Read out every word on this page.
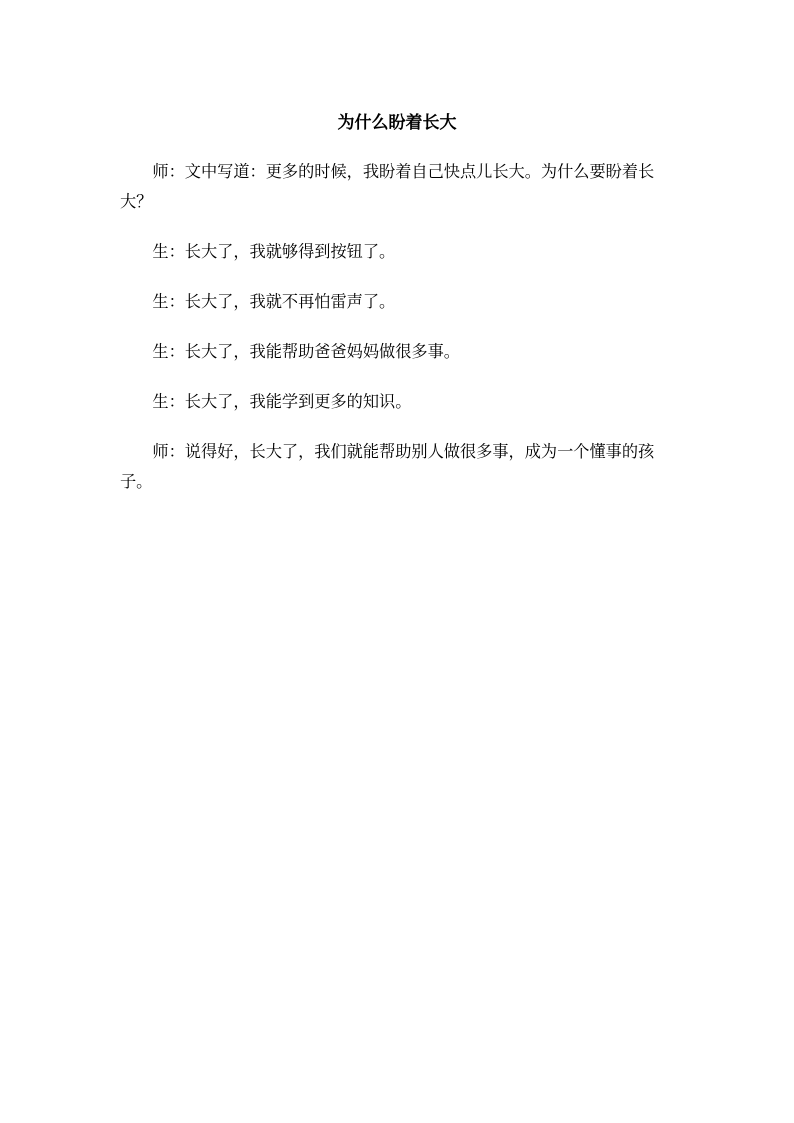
为什么盼着长大

师：文中写道：更多的时候，我盼着自己快点儿长大。为什么要盼着长大？

生：长大了，我就够得到按钮了。

生：长大了，我就不再怕雷声了。

生：长大了，我能帮助爸爸妈妈做很多事。

生：长大了，我能学到更多的知识。

师：说得好，长大了，我们就能帮助别人做很多事，成为一个懂事的孩子。
